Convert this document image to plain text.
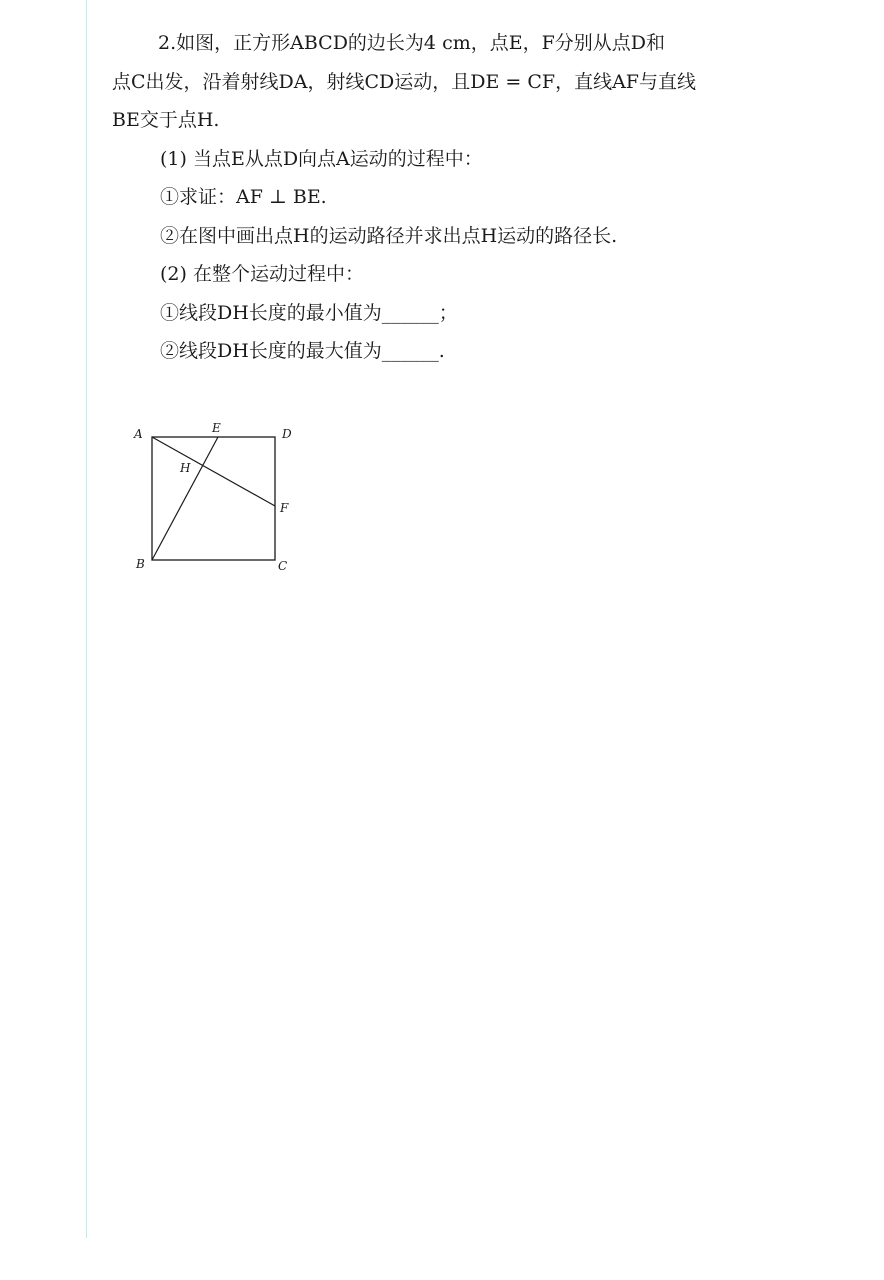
2.如图，正方形ABCD的边长为4 cm，点E，F分别从点D和
点C出发，沿着射线DA，射线CD运动，且DE = CF，直线AF与直线
BE交于点H.
(1) 当点E从点D向点A运动的过程中：
①求证：AF ⊥ BE.
②在图中画出点H的运动路径并求出点H运动的路径长.
(2) 在整个运动过程中：
①线段DH长度的最小值为______；
②线段DH长度的最大值为______.
A	E	D
H
F
B	C
